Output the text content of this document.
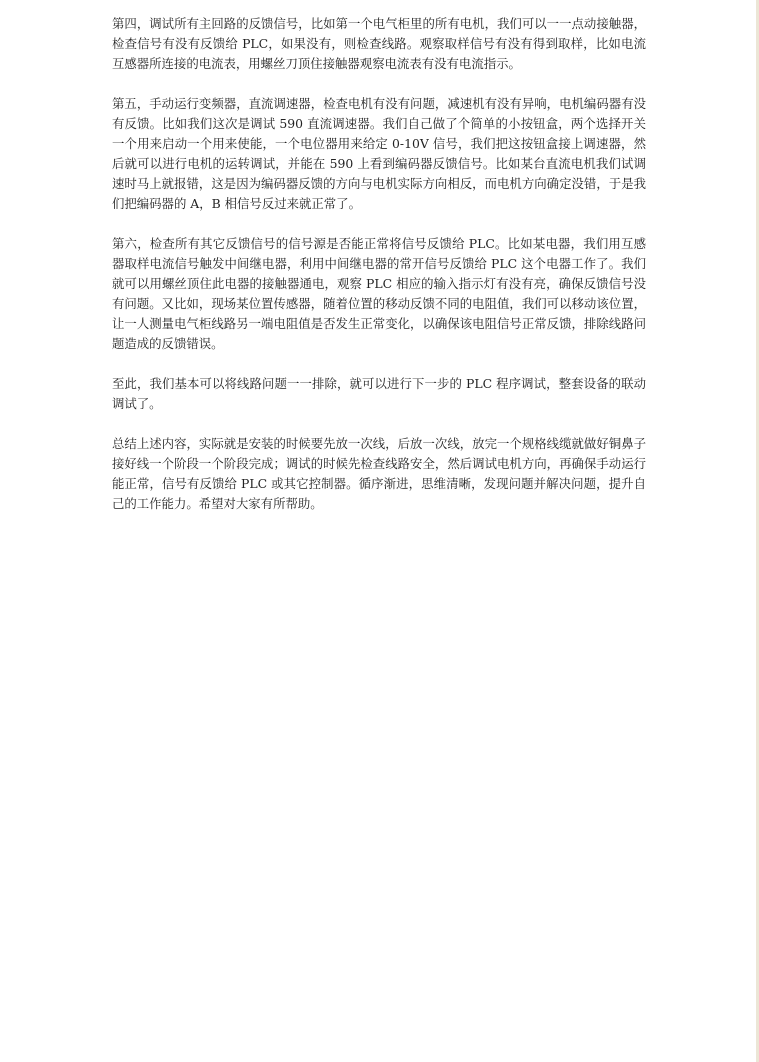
第四，调试所有主回路的反馈信号，比如第一个电气柜里的所有电机，我们可以一一点动接触器，检查信号有没有反馈给 PLC，如果没有，则检查线路。观察取样信号有没有得到取样，比如电流互感器所连接的电流表，用螺丝刀顶住接触器观察电流表有没有电流指示。

第五，手动运行变频器，直流调速器，检查电机有没有问题，减速机有没有异响，电机编码器有没有反馈。比如我们这次是调试 590 直流调速器。我们自己做了个简单的小按钮盒，两个选择开关一个用来启动一个用来使能，一个电位器用来给定 0-10V 信号，我们把这按钮盒接上调速器，然后就可以进行电机的运转调试，并能在 590 上看到编码器反馈信号。比如某台直流电机我们试调速时马上就报错，这是因为编码器反馈的方向与电机实际方向相反，而电机方向确定没错，于是我们把编码器的 A，B 相信号反过来就正常了。

第六，检查所有其它反馈信号的信号源是否能正常将信号反馈给 PLC。比如某电器，我们用互感器取样电流信号触发中间继电器，利用中间继电器的常开信号反馈给 PLC 这个电器工作了。我们就可以用螺丝顶住此电器的接触器通电，观察 PLC 相应的输入指示灯有没有亮，确保反馈信号没有问题。又比如，现场某位置传感器，随着位置的移动反馈不同的电阻值，我们可以移动该位置，让一人测量电气柜线路另一端电阻值是否发生正常变化，以确保该电阻信号正常反馈，排除线路问题造成的反馈错误。

至此，我们基本可以将线路问题一一排除，就可以进行下一步的 PLC 程序调试，整套设备的联动调试了。

总结上述内容，实际就是安装的时候要先放一次线，后放一次线，放完一个规格线缆就做好铜鼻子接好线一个阶段一个阶段完成；调试的时候先检查线路安全，然后调试电机方向，再确保手动运行能正常，信号有反馈给 PLC 或其它控制器。循序渐进，思维清晰，发现问题并解决问题，提升自己的工作能力。希望对大家有所帮助。
